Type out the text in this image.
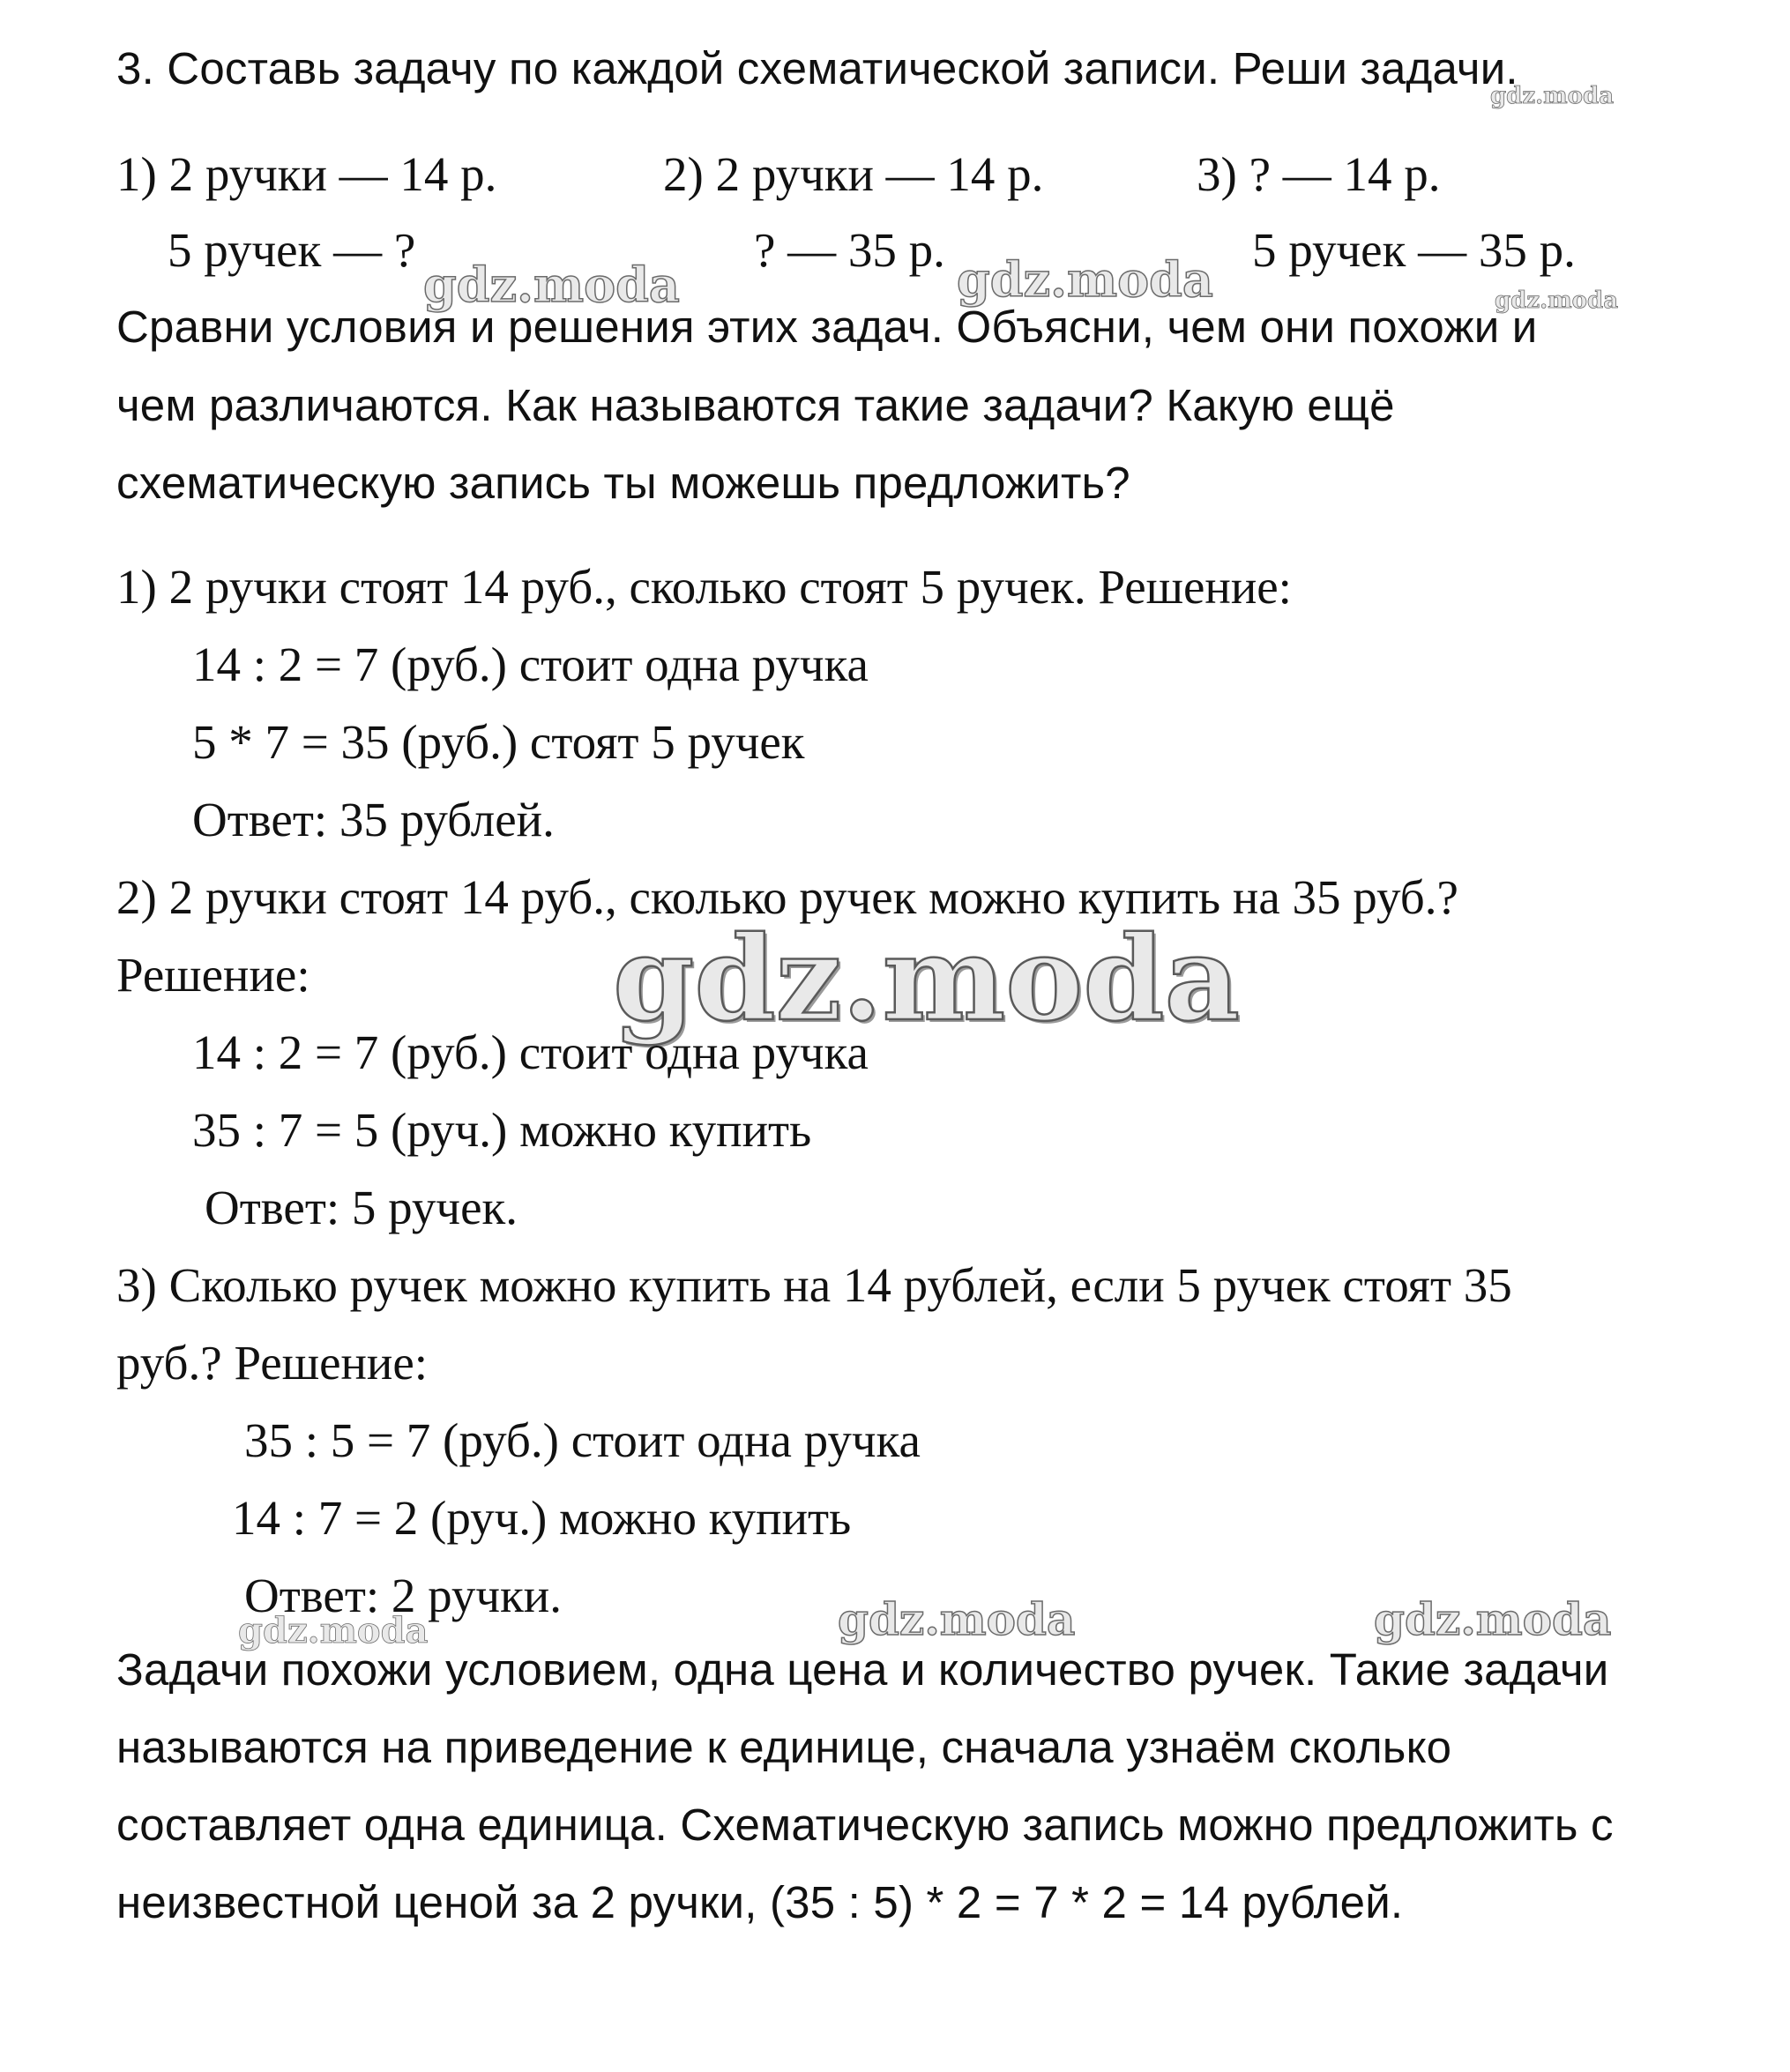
gdz.moda
gdz.moda	gdz.moda	gdz.moda
gdz.moda
gdz.moda	gdz.moda	gdz.moda
3. Составь задачу по каждой схематической записи. Реши задачи.
1) 2 ручки — 14 р.	2) 2 ручки — 14 р.	3) ? — 14 р.
5 ручек — ?	? — 35 р.	5 ручек — 35 р.
Сравни условия и решения этих задач. Объясни, чем они похожи и
чем различаются. Как называются такие задачи? Какую ещё
схематическую запись ты можешь предложить?
1) 2 ручки стоят 14 руб., сколько стоят 5 ручек. Решение:
14 : 2 = 7 (руб.) стоит одна ручка
5 * 7 = 35 (руб.) стоят 5 ручек
Ответ: 35 рублей.
2) 2 ручки стоят 14 руб., сколько ручек можно купить на 35 руб.?
Решение:
14 : 2 = 7 (руб.) стоит одна ручка
35 : 7 = 5 (руч.) можно купить
Ответ: 5 ручек.
3) Сколько ручек можно купить на 14 рублей, если 5 ручек стоят 35
руб.? Решение:
35 : 5 = 7 (руб.) стоит одна ручка
14 : 7 = 2 (руч.) можно купить
Ответ: 2 ручки.
Задачи похожи условием, одна цена и количество ручек. Такие задачи
называются на приведение к единице, сначала узнаём сколько
составляет одна единица. Схематическую запись можно предложить с
неизвестной ценой за 2 ручки, (35 : 5) * 2 = 7 * 2 = 14 рублей.
